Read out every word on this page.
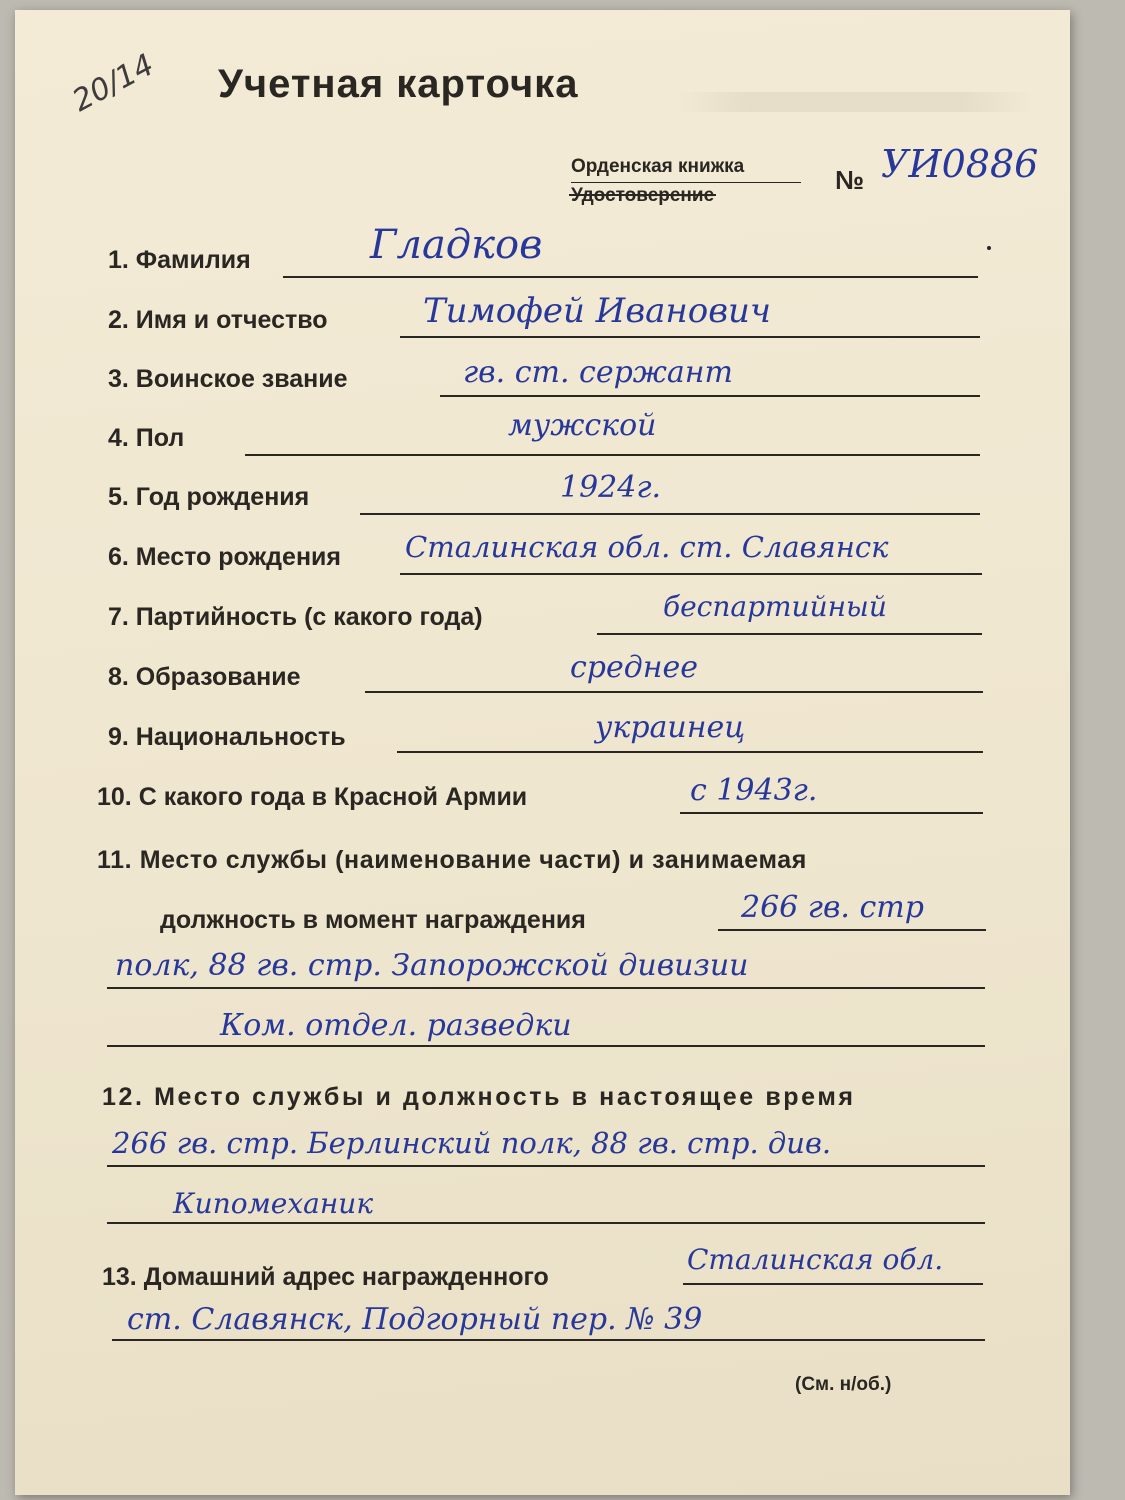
20/14 Учетная карточка
Орденская книжка
Удостоверение
№ УИ0886
1. Фамилия	Гладков
2. Имя и отчество	Тимофей Иванович
3. Воинское звание	гв. ст. сержант
4. Пол	мужской
5. Год рождения	1924г.
6. Место рождения Сталинская обл. ст. Славянск
7. Партийность (с какого года)	беспартийный
8. Образование	среднее
9. Национальность	украинец
10. С какого года в Красной Армии	с 1943г.
11. Место службы (наименование части) и занимаемая
должность в момент награждения	266 гв. стр
полк, 88 гв. стр. Запорожской дивизии
Ком. отдел. разведки
12. Место службы и должность в настоящее время
266 гв. стр. Берлинский полк, 88 гв. стр. див.
Кипомеханик
13. Домашний адрес награжденного
Сталинская обл.
ст. Славянск, Подгорный пер. № 39
(См. н/об.)
